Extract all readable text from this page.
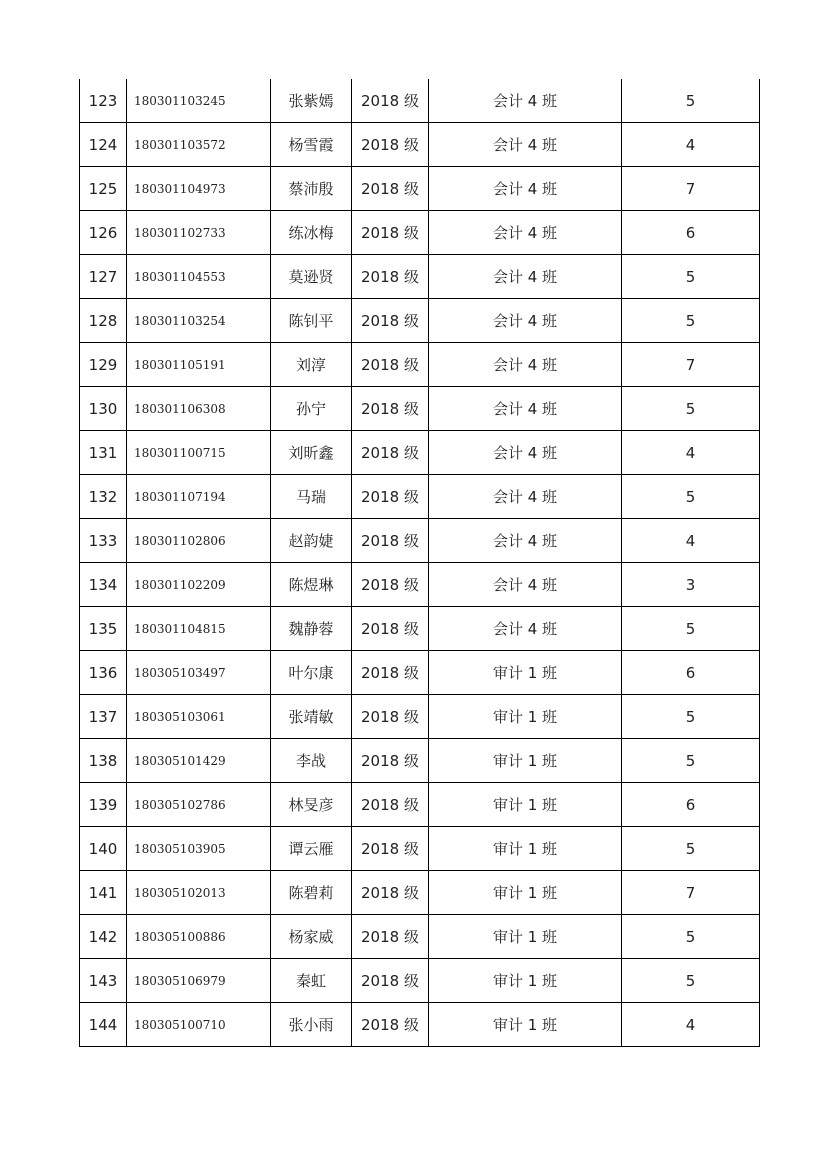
123	180301103245	张紫嫣	2018 级	会计 4 班	5
124	180301103572	杨雪霞	2018 级	会计 4 班	4
125	180301104973	蔡沛殷	2018 级	会计 4 班	7
126	180301102733	练冰梅	2018 级	会计 4 班	6
127	180301104553	莫逊贤	2018 级	会计 4 班	5
128	180301103254	陈钊平	2018 级	会计 4 班	5
129	180301105191	刘淳	2018 级	会计 4 班	7
130	180301106308	孙宁	2018 级	会计 4 班	5
131	180301100715	刘昕鑫	2018 级	会计 4 班	4
132	180301107194	马瑞	2018 级	会计 4 班	5
133	180301102806	赵韵婕	2018 级	会计 4 班	4
134	180301102209	陈煜琳	2018 级	会计 4 班	3
135	180301104815	魏静蓉	2018 级	会计 4 班	5
136	180305103497	叶尔康	2018 级	审计 1 班	6
137	180305103061	张靖敏	2018 级	审计 1 班	5
138	180305101429	李战	2018 级	审计 1 班	5
139	180305102786	林旻彦	2018 级	审计 1 班	6
140	180305103905	谭云雁	2018 级	审计 1 班	5
141	180305102013	陈碧莉	2018 级	审计 1 班	7
142	180305100886	杨家威	2018 级	审计 1 班	5
143	180305106979	秦虹	2018 级	审计 1 班	5
144	180305100710	张小雨	2018 级	审计 1 班	4
